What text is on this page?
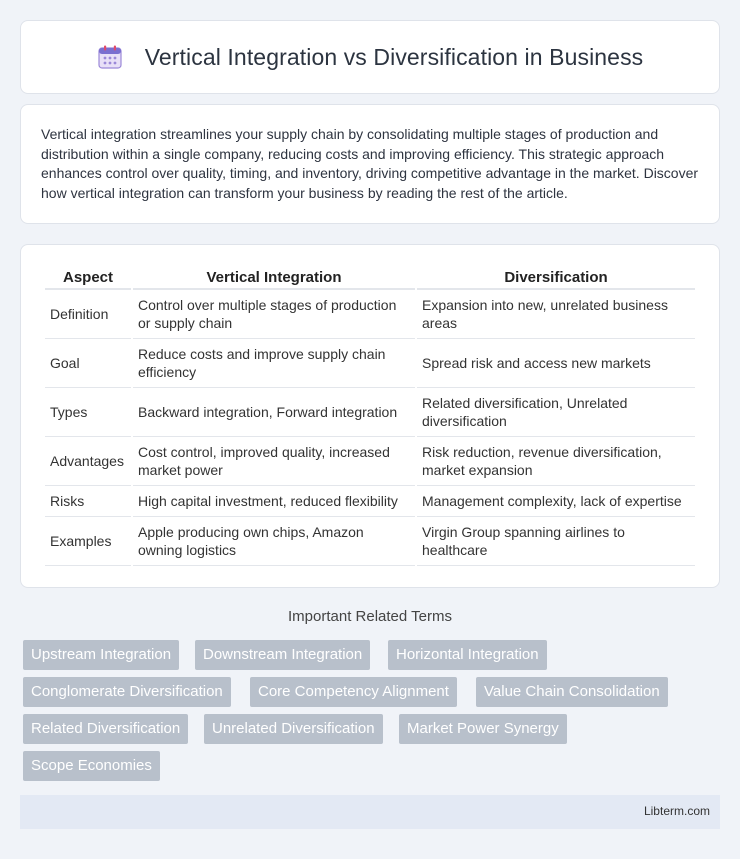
Vertical Integration vs Diversification in Business

Vertical integration streamlines your supply chain by consolidating multiple stages of production and distribution within a single company, reducing costs and improving efficiency. This strategic approach enhances control over quality, timing, and inventory, driving competitive advantage in the market. Discover how vertical integration can transform your business by reading the rest of the article.

Aspect	Vertical Integration	Diversification
Definition	Control over multiple stages of production or supply chain	Expansion into new, unrelated business areas
Goal	Reduce costs and improve supply chain efficiency	Spread risk and access new markets
Types	Backward integration, Forward integration	Related diversification, Unrelated diversification
Advantages	Cost control, improved quality, increased market power	Risk reduction, revenue diversification, market expansion
Risks	High capital investment, reduced flexibility	Management complexity, lack of expertise
Examples	Apple producing own chips, Amazon owning logistics	Virgin Group spanning airlines to healthcare
Important Related Terms
Upstream Integration	Downstream Integration	Horizontal Integration
Conglomerate Diversification	Core Competency Alignment	Value Chain Consolidation
Related Diversification	Unrelated Diversification	Market Power Synergy
Scope Economies
Libterm.com
